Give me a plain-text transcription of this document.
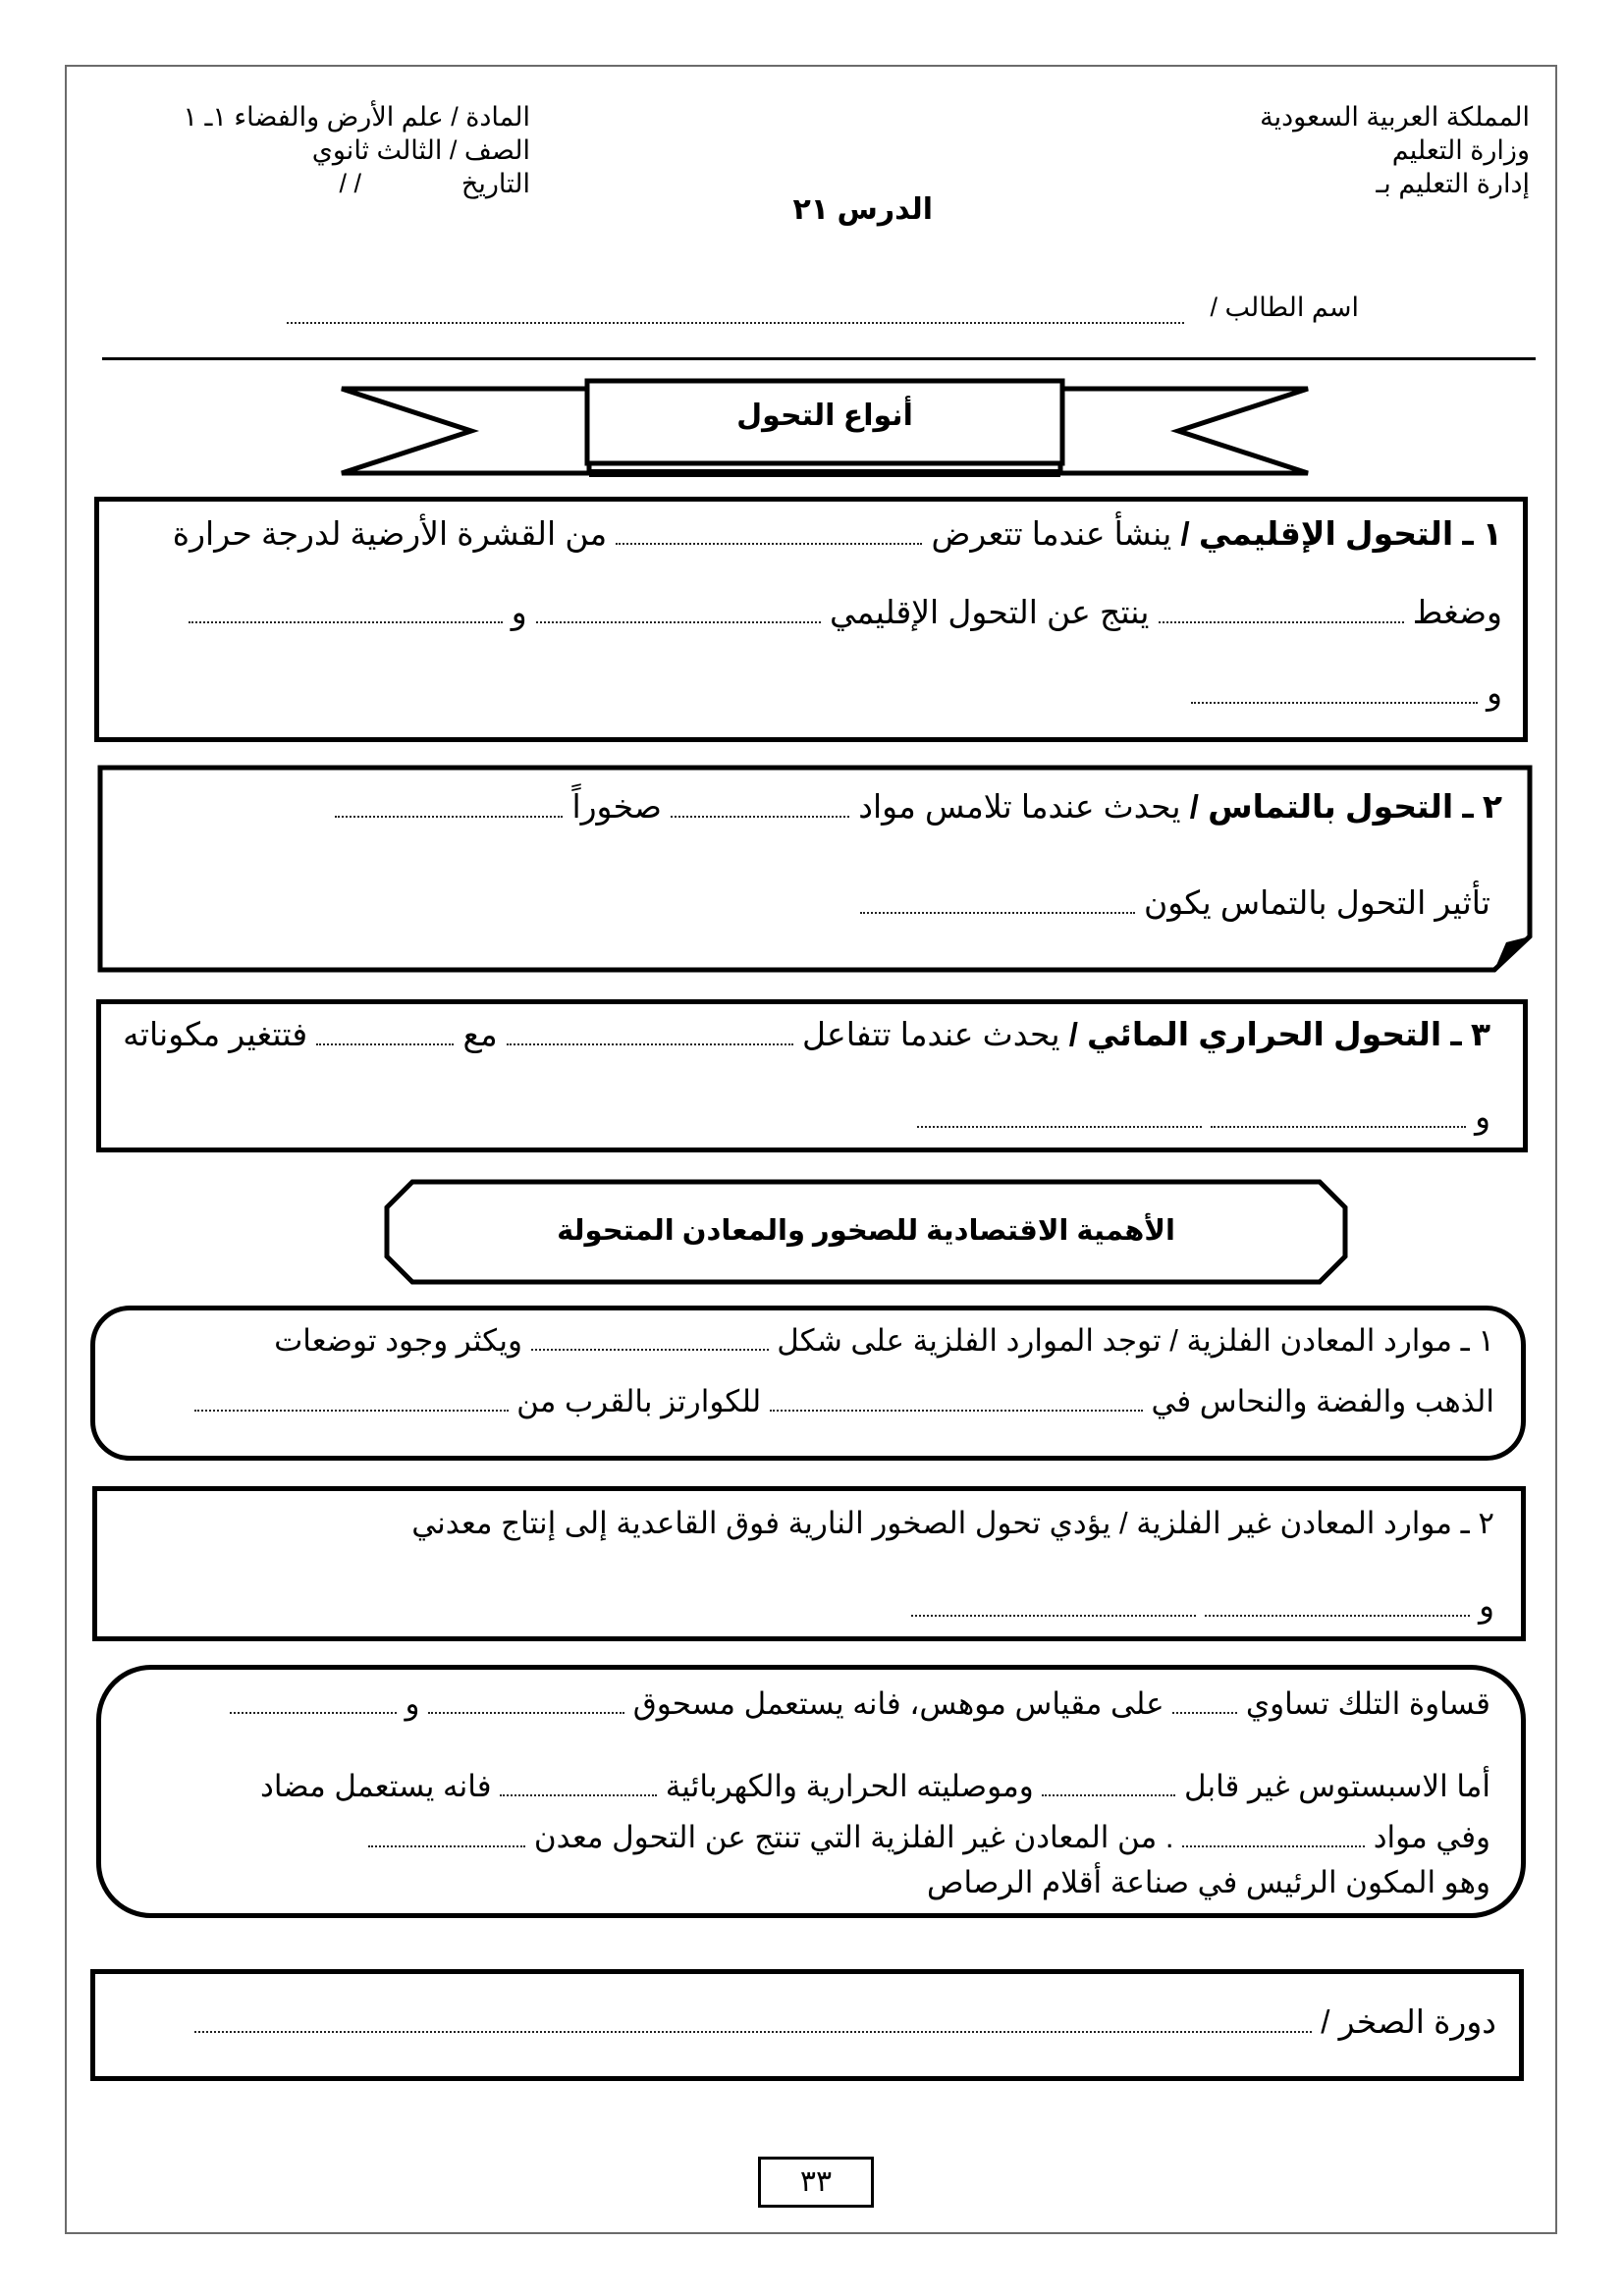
المملكة العربية السعودية
وزارة التعليم
إدارة التعليم بـ
الدرس ٢١
المادة / علم الأرض والفضاء ١ـ ١
الصف / الثالث ثانوي
التاريخ
/ /
اسم الطالب /
أنواع التحول
١ ـ التحول الإقليمي / ينشأ عندما تتعرض  من القشرة الأرضية لدرجة حرارة
وضغط  ينتج عن التحول الإقليمي  و
و
٢ ـ التحول بالتماس / يحدث عندما تلامس مواد  صخوراً
تأثير التحول بالتماس يكون
٣ ـ التحول الحراري المائي / يحدث عندما تتفاعل  مع  فتتغير مكوناته
و
الأهمية الاقتصادية للصخور والمعادن المتحولة
١ ـ موارد المعادن الفلزية / توجد الموارد الفلزية على شكل  ويكثر وجود توضعات
الذهب والفضة والنحاس في  للكوارتز بالقرب من
٢ ـ موارد المعادن غير الفلزية / يؤدي تحول الصخور النارية فوق القاعدية إلى إنتاج معدني
و
قساوة التلك تساوي  على مقياس موهس، فانه يستعمل مسحوق  و
أما الاسبستوس غير قابل  وموصليته الحرارية والكهربائية  فانه يستعمل مضاد
وفي مواد  . من المعادن غير الفلزية التي تنتج عن التحول معدن
وهو المكون الرئيس في صناعة أقلام الرصاص
دورة الصخر /
٣٣
